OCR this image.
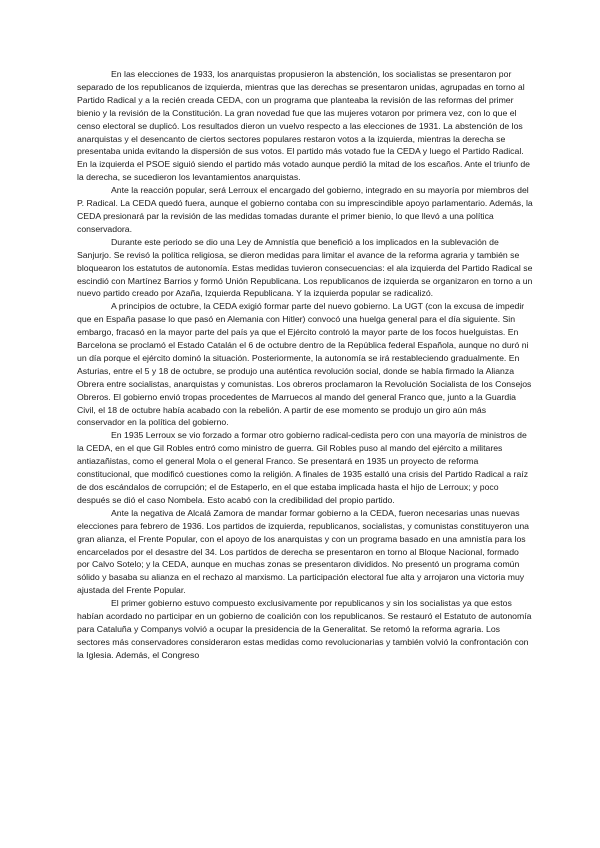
En las elecciones de 1933, los anarquistas propusieron la abstención, los socialistas se presentaron por separado de los republicanos de izquierda, mientras que las derechas se presentaron unidas, agrupadas en torno al Partido Radical y a la recién creada CEDA, con un programa que planteaba la revisión de las reformas del primer bienio y la revisión de la Constitución. La gran novedad fue que las mujeres votaron por primera vez, con lo que el censo electoral se duplicó. Los resultados dieron un vuelvo respecto a las elecciones de 1931. La abstención de los anarquistas y el desencanto de ciertos sectores populares restaron votos a la izquierda, mientras la derecha se presentaba unida evitando la dispersión de sus votos. El partido más votado fue la CEDA y luego el Partido Radical. En la izquierda el PSOE siguió siendo el partido más votado aunque perdió la mitad de los escaños. Ante el triunfo de la derecha, se sucedieron los levantamientos anarquistas.

Ante la reacción popular, será Lerroux el encargado del gobierno, integrado en su mayoría por miembros del P. Radical. La CEDA quedó fuera, aunque el gobierno contaba con su imprescindible apoyo parlamentario. Además, la CEDA presionará par la revisión de las medidas tomadas durante el primer bienio, lo que llevó a una política conservadora.

Durante este periodo se dio una Ley de Amnistía que benefició a los implicados en la sublevación de Sanjurjo. Se revisó la política religiosa, se dieron medidas para limitar el avance de la reforma agraria y también se bloquearon los estatutos de autonomía. Estas medidas tuvieron consecuencias: el ala izquierda del Partido Radical se escindió con Martínez Barrios y formó Unión Republicana. Los republicanos de izquierda se organizaron en torno a un nuevo partido creado por Azaña, Izquierda Republicana. Y la izquierda popular se radicalizó.

A principios de octubre, la CEDA exigió formar parte del nuevo gobierno. La UGT (con la excusa de impedir que en España pasase lo que pasó en Alemania con Hitler) convocó una huelga general para el día siguiente. Sin embargo, fracasó en la mayor parte del país ya que el Ejército controló la mayor parte de los focos huelguistas. En Barcelona se proclamó el Estado Catalán el 6 de octubre dentro de la República federal Española, aunque no duró ni un día porque el ejército dominó la situación. Posteriormente, la autonomía se irá restableciendo gradualmente. En Asturias, entre el 5 y 18 de octubre, se produjo una auténtica revolución social, donde se había firmado la Alianza Obrera entre socialistas, anarquistas y comunistas. Los obreros proclamaron la Revolución Socialista de los Consejos Obreros. El gobierno envió tropas procedentes de Marruecos al mando del general Franco que, junto a la Guardia Civil, el 18 de octubre había acabado con la rebelión. A partir de ese momento se produjo un giro aún más conservador en la política del gobierno.

En 1935 Lerroux se vio forzado a formar otro gobierno radical-cedista pero con una mayoría de ministros de la CEDA, en el que Gil Robles entró como ministro de guerra. Gil Robles puso al mando del ejército a militares antiazañistas, como el general Mola o el general Franco. Se presentará en 1935 un proyecto de reforma constitucional, que modificó cuestiones como la religión. A finales de 1935 estalló una crisis del Partido Radical a raíz de dos escándalos de corrupción; el de Estaperlo, en el que estaba implicada hasta el hijo de Lerroux; y poco después se dió el caso Nombela. Esto acabó con la credibilidad del propio partido.

Ante la negativa de Alcalá Zamora de mandar formar gobierno a la CEDA, fueron necesarias unas nuevas elecciones para febrero de 1936. Los partidos de izquierda, republicanos, socialistas, y comunistas constituyeron una gran alianza, el Frente Popular, con el apoyo de los anarquistas y con un programa basado en una amnistía para los encarcelados por el desastre del 34. Los partidos de derecha se presentaron en torno al Bloque Nacional, formado por Calvo Sotelo; y la CEDA, aunque en muchas zonas se presentaron divididos. No presentó un programa común sólido y basaba su alianza en el rechazo al marxismo. La participación electoral fue alta y arrojaron una victoria muy ajustada del Frente Popular.

El primer gobierno estuvo compuesto exclusivamente por republicanos y sin los socialistas ya que estos habían acordado no participar en un gobierno de coalición con los republicanos. Se restauró el Estatuto de autonomía para Cataluña y Companys volvió a ocupar la presidencia de la Generalitat. Se retomó la reforma agraria. Los sectores más conservadores consideraron estas medidas como revolucionarias y también volvió la confrontación con la Iglesia. Además, el Congreso
